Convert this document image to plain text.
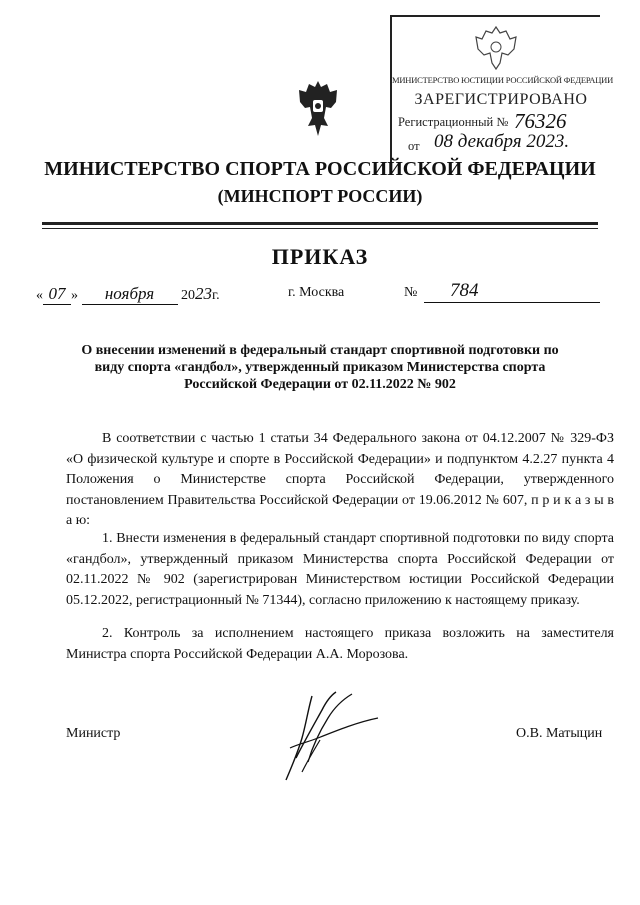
МИНИСТЕРСТВО ЮСТИЦИИ РОССИЙСКОЙ ФЕДЕРАЦИИ
ЗАРЕГИСТРИРОВАНО
Регистрационный № 76326
от 08 декабря 2023.
МИНИСТЕРСТВО СПОРТА РОССИЙСКОЙ ФЕДЕРАЦИИ
(МИНСПОРТ РОССИИ)
ПРИКАЗ
« 07 » ноября 2023г.	г. Москва	№	784
О внесении изменений в федеральный стандарт спортивной подготовки по виду спорта «гандбол», утвержденный приказом Министерства спорта Российской Федерации от 02.11.2022 № 902
В соответствии с частью 1 статьи 34 Федерального закона от 04.12.2007 № 329-ФЗ «О физической культуре и спорте в Российской Федерации» и подпунктом 4.2.27 пункта 4 Положения о Министерстве спорта Российской Федерации, утвержденного постановлением Правительства Российской Федерации от 19.06.2012 № 607, п р и к а з ы в а ю:
1. Внести изменения в федеральный стандарт спортивной подготовки по виду спорта «гандбол», утвержденный приказом Министерства спорта Российской Федерации от 02.11.2022 № 902 (зарегистрирован Министерством юстиции Российской Федерации 05.12.2022, регистрационный № 71344), согласно приложению к настоящему приказу.
2. Контроль за исполнением настоящего приказа возложить на заместителя Министра спорта Российской Федерации А.А. Морозова.
Министр	О.В. Матыцин
